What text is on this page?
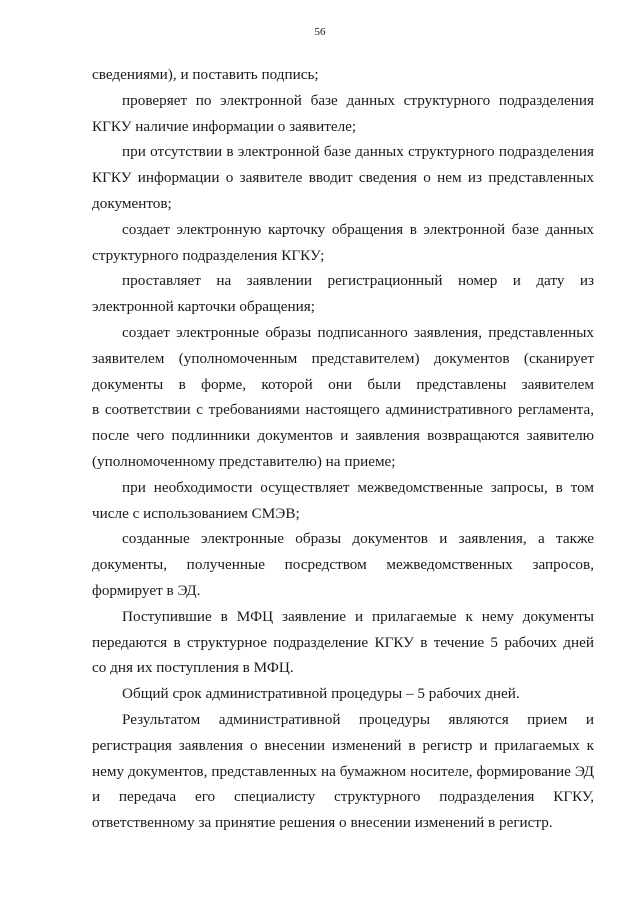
56
сведениями), и поставить подпись;
проверяет по электронной базе данных структурного подразделения
КГКУ наличие информации о заявителе;
при отсутствии в электронной базе данных структурного подразделения
КГКУ информации о заявителе вводит сведения о нем из представленных
документов;
создает электронную карточку обращения в электронной базе данных
структурного подразделения КГКУ;
проставляет на заявлении регистрационный номер и дату из
электронной карточки обращения;
создает электронные образы подписанного заявления, представленных
заявителем (уполномоченным представителем) документов (сканирует
документы в форме, которой они были представлены заявителем
в соответствии с требованиями настоящего административного регламента,
после чего подлинники документов и заявления возвращаются заявителю
(уполномоченному представителю) на приеме;
при необходимости осуществляет межведомственные запросы, в том
числе с использованием СМЭВ;
созданные электронные образы документов и заявления, а также
документы, полученные посредством межведомственных запросов,
формирует в ЭД.
Поступившие в МФЦ заявление и прилагаемые к нему документы
передаются в структурное подразделение КГКУ в течение 5 рабочих дней
со дня их поступления в МФЦ.
Общий срок административной процедуры – 5 рабочих дней.
Результатом административной процедуры являются прием и
регистрация заявления о внесении изменений в регистр и прилагаемых к
нему документов, представленных на бумажном носителе, формирование ЭД
и передача его специалисту структурного подразделения КГКУ,
ответственному за принятие решения о внесении изменений в регистр.
